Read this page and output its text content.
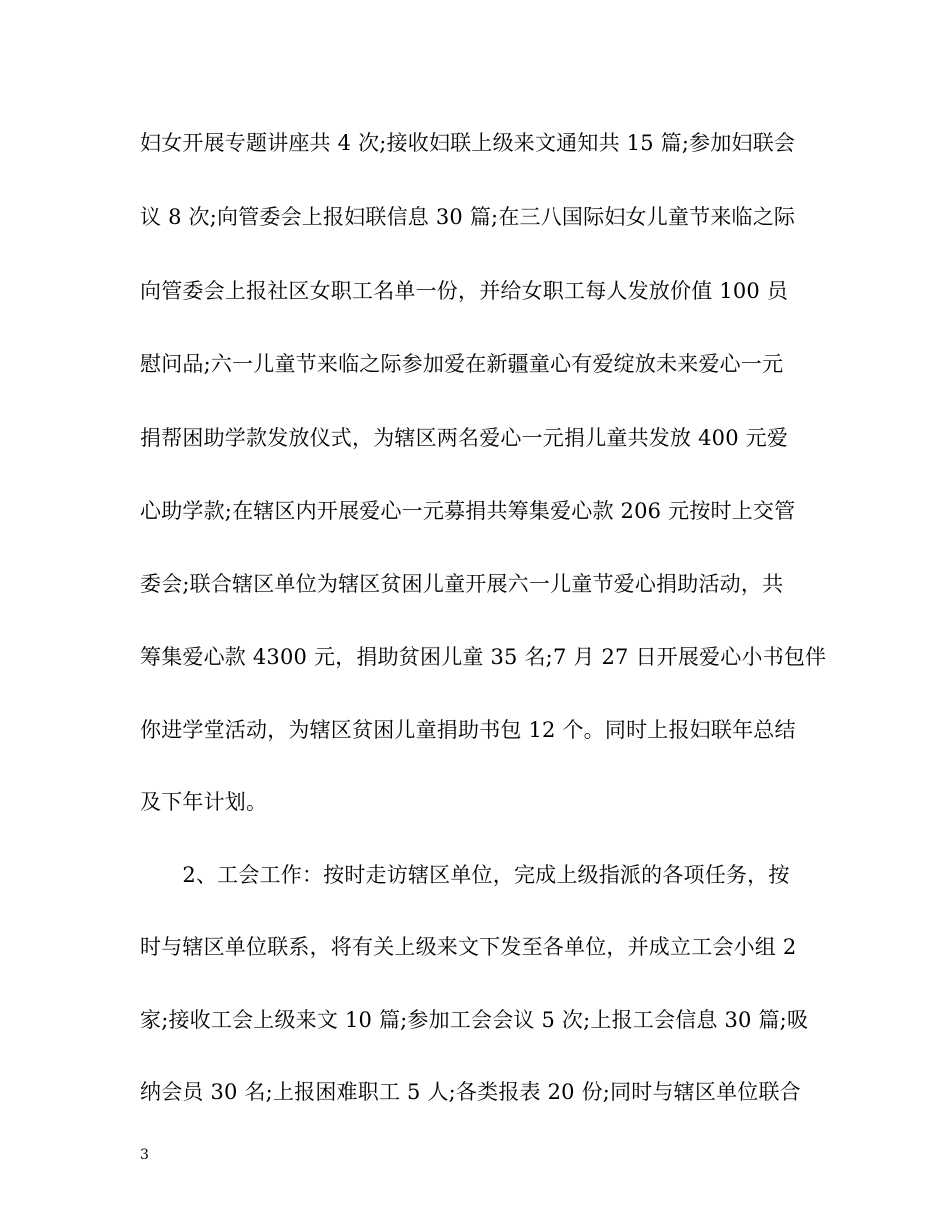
妇女开展专题讲座共 4 次;接收妇联上级来文通知共 15 篇;参加妇联会
议 8 次;向管委会上报妇联信息 30 篇;在三八国际妇女儿童节来临之际
向管委会上报社区女职工名单一份，并给女职工每人发放价值 100 员
慰问品;六一儿童节来临之际参加爱在新疆童心有爱绽放未来爱心一元
捐帮困助学款发放仪式，为辖区两名爱心一元捐儿童共发放 400 元爱
心助学款;在辖区内开展爱心一元募捐共筹集爱心款 206 元按时上交管
委会;联合辖区单位为辖区贫困儿童开展六一儿童节爱心捐助活动，共
筹集爱心款 4300 元，捐助贫困儿童 35 名;7 月 27 日开展爱心小书包伴
你进学堂活动，为辖区贫困儿童捐助书包 12 个。同时上报妇联年总结
及下年计划。
　　2、工会工作：按时走访辖区单位，完成上级指派的各项任务，按
时与辖区单位联系，将有关上级来文下发至各单位，并成立工会小组 2
家;接收工会上级来文 10 篇;参加工会会议 5 次;上报工会信息 30 篇;吸
纳会员 30 名;上报困难职工 5 人;各类报表 20 份;同时与辖区单位联合
3
